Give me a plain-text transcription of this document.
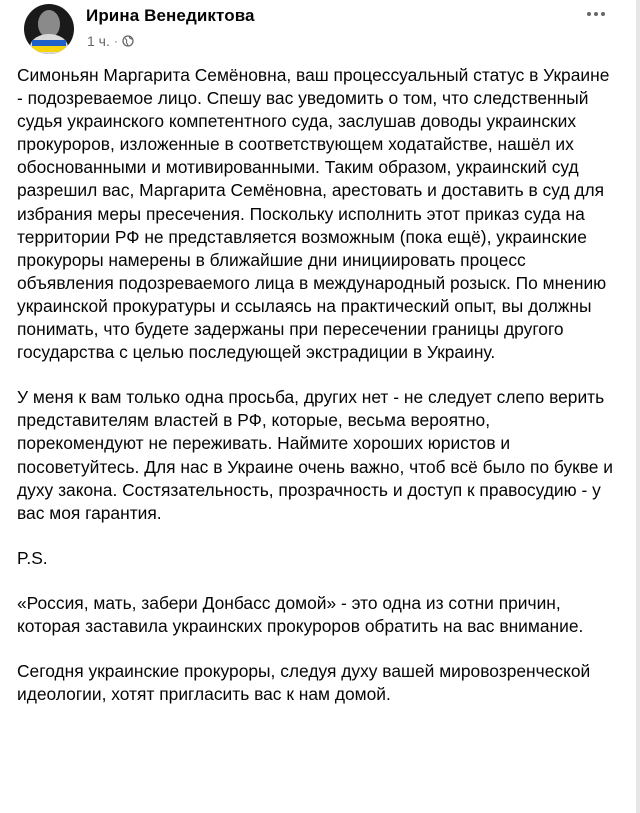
Ирина Венедиктова
1 ч. ·

Симоньян Маргарита Семёновна, ваш процессуальный статус в Украине - подозреваемое лицо. Спешу вас уведомить о том, что следственный судья украинского компетентного суда, заслушав доводы украинских прокуроров, изложенные в соответствующем ходатайстве, нашёл их обоснованными и мотивированными. Таким образом, украинский суд разрешил вас, Маргарита Семёновна, арестовать и доставить в суд для избрания меры пресечения. Поскольку исполнить этот приказ суда на территории РФ не представляется возможным (пока ещё), украинские прокуроры намерены в ближайшие дни инициировать процесс объявления подозреваемого лица в международный розыск. По мнению украинской прокуратуры и ссылаясь на практический опыт, вы должны понимать, что будете задержаны при пересечении границы другого государства с целью последующей экстрадиции в Украину.

У меня к вам только одна просьба, других нет - не следует слепо верить представителям властей в РФ, которые, весьма вероятно, порекомендуют не переживать. Наймите хороших юристов и посоветуйтесь. Для нас в Украине очень важно, чтоб всё было по букве и духу закона. Состязательность, прозрачность и доступ к правосудию - у вас моя гарантия.

P.S.

«Россия, мать, забери Донбасс домой» - это одна из сотни причин, которая заставила украинских прокуроров обратить на вас внимание.

Сегодня украинские прокуроры, следуя духу вашей мировозренческой идеологии, хотят пригласить вас к нам домой.
